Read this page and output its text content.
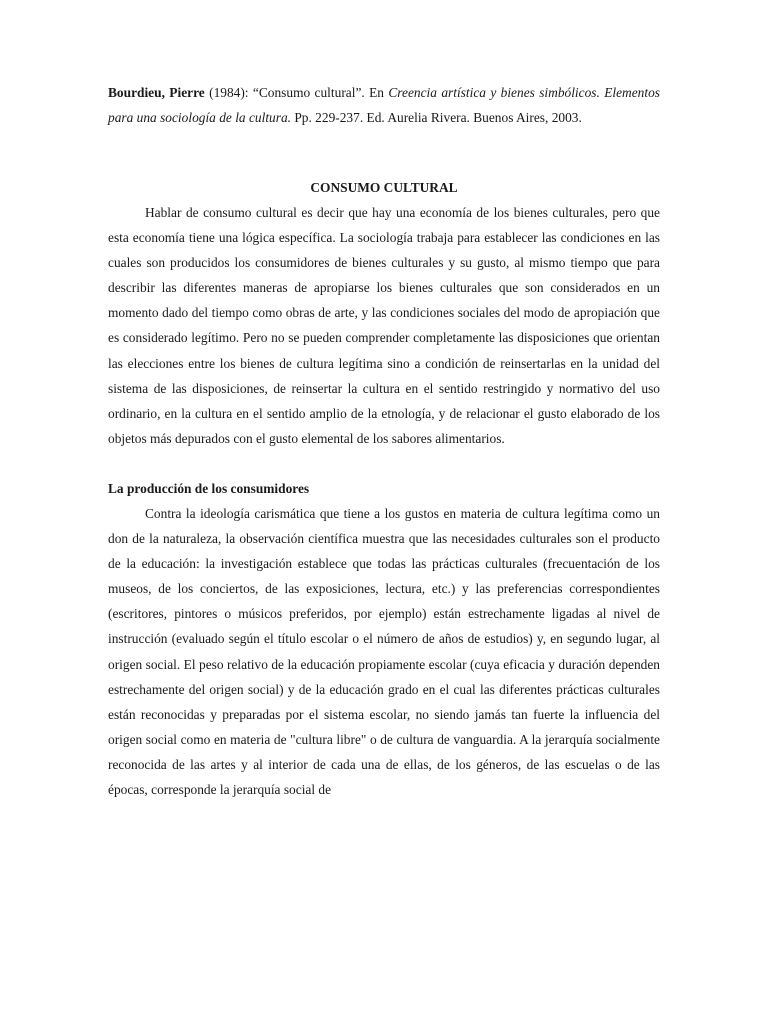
Bourdieu, Pierre (1984): “Consumo cultural”. En Creencia artística y bienes simbólicos. Elementos para una sociología de la cultura. Pp. 229-237. Ed. Aurelia Rivera. Buenos Aires, 2003.

CONSUMO CULTURAL

Hablar de consumo cultural es decir que hay una economía de los bienes culturales, pero que esta economía tiene una lógica específica. La sociología trabaja para establecer las condiciones en las cuales son producidos los consumidores de bienes culturales y su gusto, al mismo tiempo que para describir las diferentes maneras de apropiarse los bienes culturales que son considerados en un momento dado del tiempo como obras de arte, y las condiciones sociales del modo de apropiación que es considerado legítimo. Pero no se pueden comprender completamente las disposiciones que orientan las elecciones entre los bienes de cultura legítima sino a condición de reinsertarlas en la unidad del sistema de las disposiciones, de reinsertar la cultura en el sentido restringido y normativo del uso ordinario, en la cultura en el sentido amplio de la etnología, y de relacionar el gusto elaborado de los objetos más depurados con el gusto elemental de los sabores alimentarios.

La producción de los consumidores

Contra la ideología carismática que tiene a los gustos en materia de cultura legítima como un don de la naturaleza, la observación científica muestra que las necesidades culturales son el producto de la educación: la investigación establece que todas las prácticas culturales (frecuentación de los museos, de los conciertos, de las exposiciones, lectura, etc.) y las preferencias correspondientes (escritores, pintores o músicos preferidos, por ejemplo) están estrechamente ligadas al nivel de instrucción (evaluado según el título escolar o el número de años de estudios) y, en segundo lugar, al origen social. El peso relativo de la educación propiamente escolar (cuya eficacia y duración dependen estrechamente del origen social) y de la educación grado en el cual las diferentes prácticas culturales están reconocidas y preparadas por el sistema escolar, no siendo jamás tan fuerte la influencia del origen social como en materia de "cultura libre" o de cultura de vanguardia. A la jerarquía socialmente reconocida de las artes y al interior de cada una de ellas, de los géneros, de las escuelas o de las épocas, corresponde la jerarquía social de
